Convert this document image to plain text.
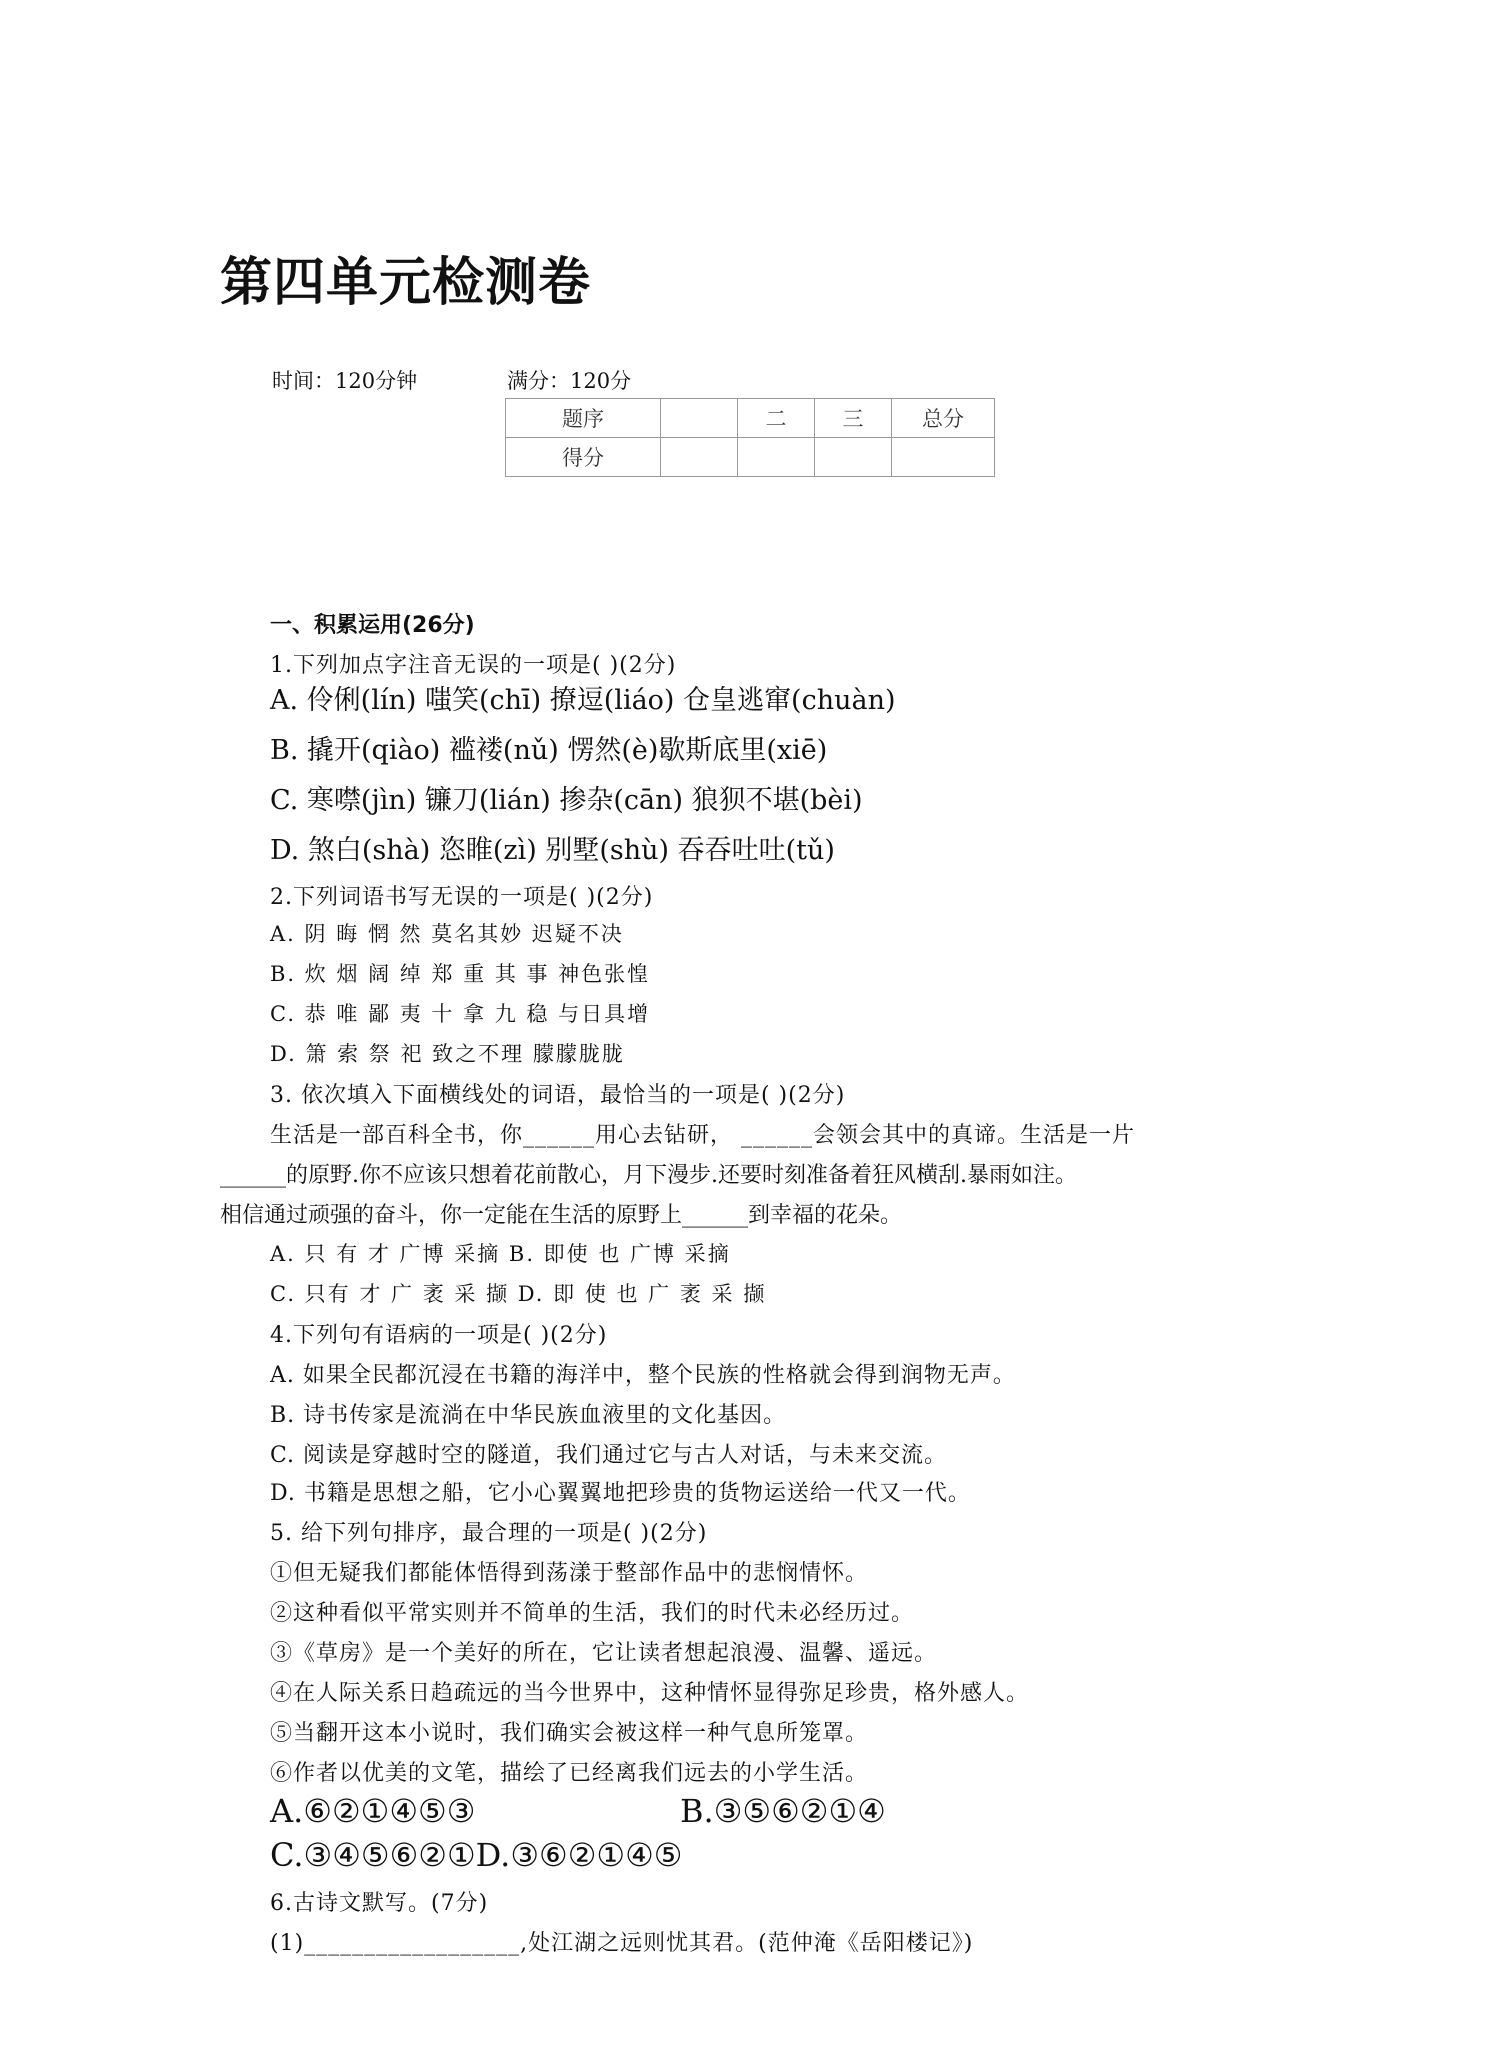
第四单元检测卷
时间：120分钟	满分：120分
题序		二	三	总分
得分				
一、积累运用(26分)
1.下列加点字注音无误的一项是( )(2分)
A. 伶俐(lín) 嗤笑(chī) 撩逗(liáo) 仓皇逃窜(chuàn)
B. 撬开(qiào) 褴褛(nǔ) 愣然(è)歇斯底里(xiē)
C. 寒噤(jìn) 镰刀(lián) 掺杂(cān) 狼狈不堪(bèi)
D. 煞白(shà) 恣睢(zì) 别墅(shù) 吞吞吐吐(tǔ)
2.下列词语书写无误的一项是( )(2分)
A. 阴 晦 惘 然 莫名其妙 迟疑不决
B. 炊 烟 阔 绰 郑 重 其 事 神色张惶
C. 恭 唯 鄙 夷 十 拿 九 稳 与日具增
D. 箫 索 祭 祀 致之不理 朦朦胧胧
3. 依次填入下面横线处的词语，最恰当的一项是( )(2分)
生活是一部百科全书，你______用心去钻研， ______会领会其中的真谛。生活是一片
______的原野.你不应该只想着花前散心，月下漫步.还要时刻准备着狂风横刮.暴雨如注。
相信通过顽强的奋斗，你一定能在生活的原野上______到幸福的花朵。
A. 只 有 才 广博 采摘 B. 即使 也 广博 采摘
C. 只有 才 广 袤 采 撷 D. 即 使 也 广 袤 采 撷
4.下列句有语病的一项是( )(2分)
A. 如果全民都沉浸在书籍的海洋中，整个民族的性格就会得到润物无声。
B. 诗书传家是流淌在中华民族血液里的文化基因。
C. 阅读是穿越时空的隧道，我们通过它与古人对话，与未来交流。
D. 书籍是思想之船，它小心翼翼地把珍贵的货物运送给一代又一代。
5. 给下列句排序，最合理的一项是( )(2分)
①但无疑我们都能体悟得到荡漾于整部作品中的悲悯情怀。
②这种看似平常实则并不简单的生活，我们的时代未必经历过。
③《草房》是一个美好的所在，它让读者想起浪漫、温馨、遥远。
④在人际关系日趋疏远的当今世界中，这种情怀显得弥足珍贵，格外感人。
⑤当翻开这本小说时，我们确实会被这样一种气息所笼罩。
⑥作者以优美的文笔，描绘了已经离我们远去的小学生活。
A.⑥②①④⑤③	B.③⑤⑥②①④
C.③④⑤⑥②①D.③⑥②①④⑤
6.古诗文默写。(7分)
(1)__________________,处江湖之远则忧其君。(范仲淹《岳阳楼记》)
